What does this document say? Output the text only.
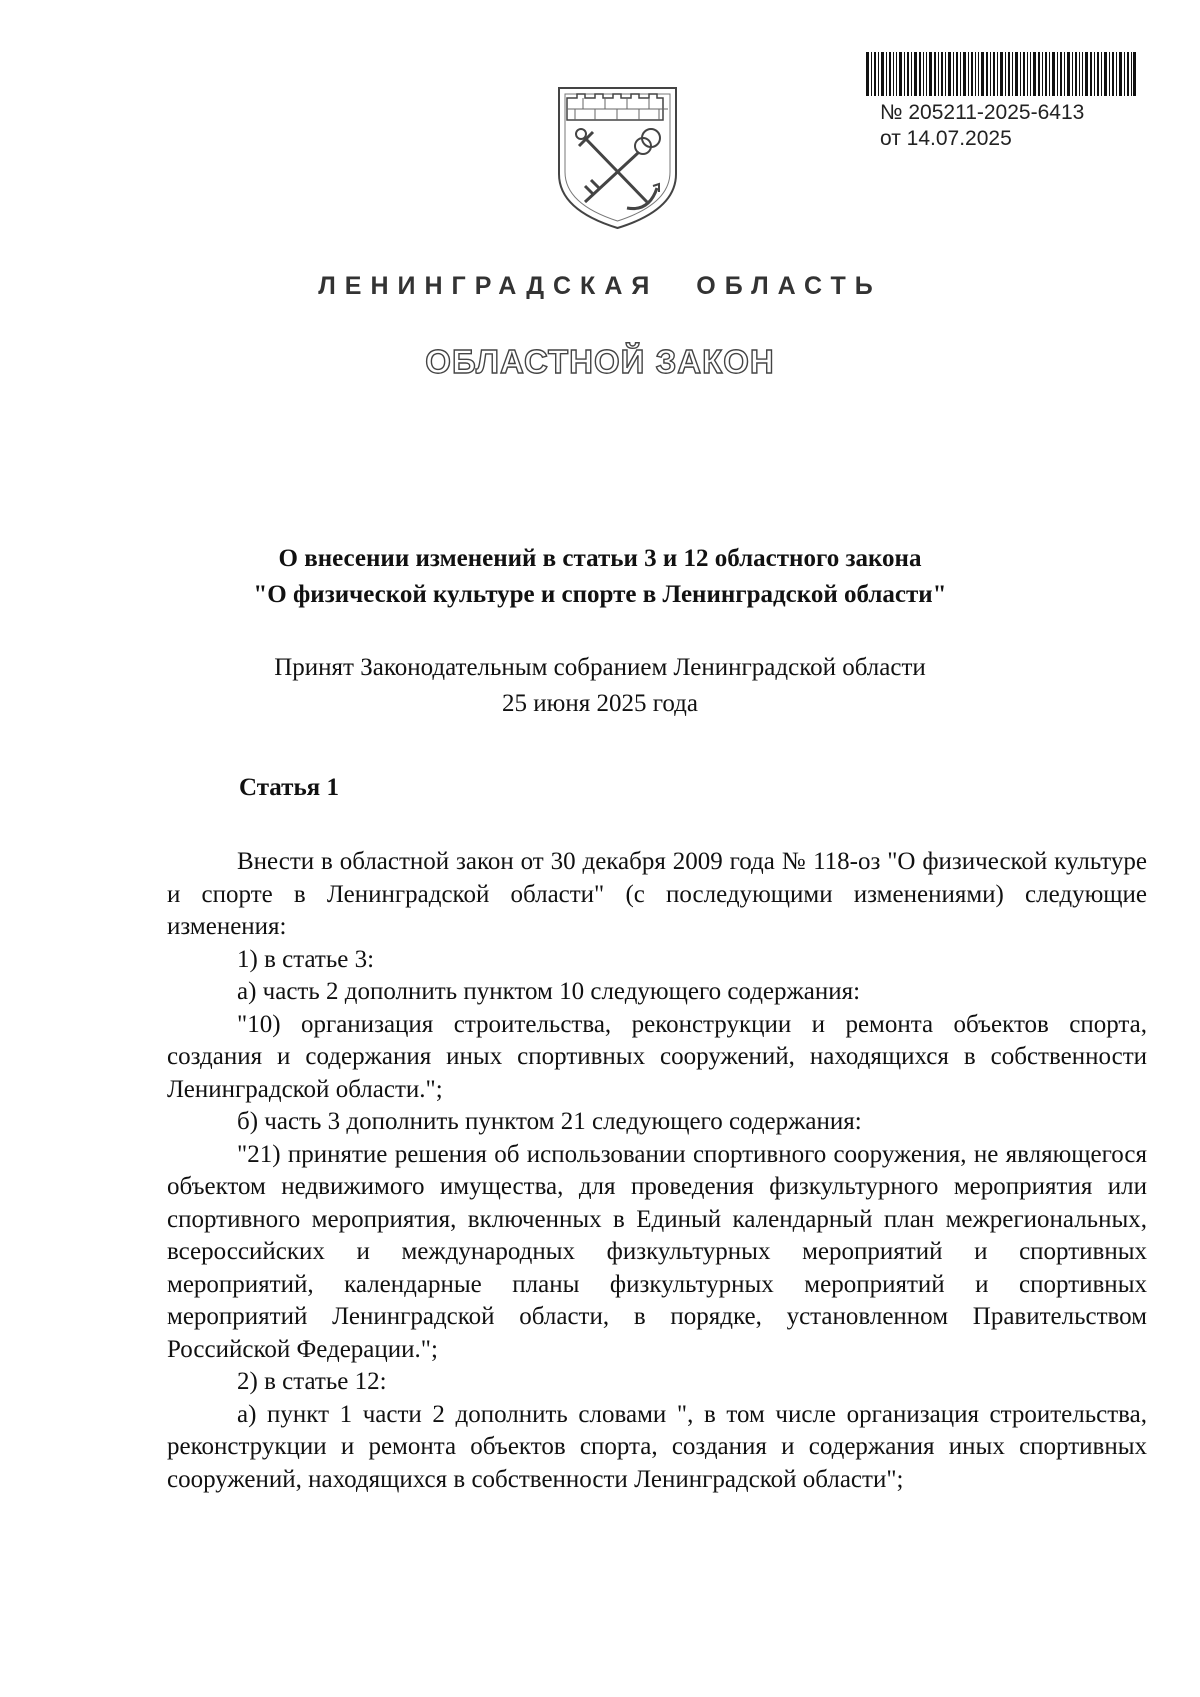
№ 205211-2025-6413
от 14.07.2025
ЛЕНИНГРАДСКАЯ ОБЛАСТЬ
ОБЛАСТНОЙ ЗАКОН
О внесении изменений в статьи 3 и 12 областного закона
"О физической культуре и спорте в Ленинградской области"
Принят Законодательным собранием Ленинградской области
25 июня 2025 года
Статья 1

Внести в областной закон от 30 декабря 2009 года № 118-оз "О физической культуре и спорте в Ленинградской области" (с последующими изменениями) следующие изменения:

1) в статье 3:

а) часть 2 дополнить пунктом 10 следующего содержания:

"10) организация строительства, реконструкции и ремонта объектов спорта, создания и содержания иных спортивных сооружений, находящихся в собственности Ленинградской области.";

б) часть 3 дополнить пунктом 21 следующего содержания:

"21) принятие решения об использовании спортивного сооружения, не являющегося объектом недвижимого имущества, для проведения физкультурного мероприятия или спортивного мероприятия, включенных в Единый календарный план межрегиональных, всероссийских и международных физкультурных мероприятий и спортивных мероприятий, календарные планы физкультурных мероприятий и спортивных мероприятий Ленинградской области, в порядке, установленном Правительством Российской Федерации.";

2) в статье 12:

а) пункт 1 части 2 дополнить словами ", в том числе организация строительства, реконструкции и ремонта объектов спорта, создания и содержания иных спортивных сооружений, находящихся в собственности Ленинградской области";
